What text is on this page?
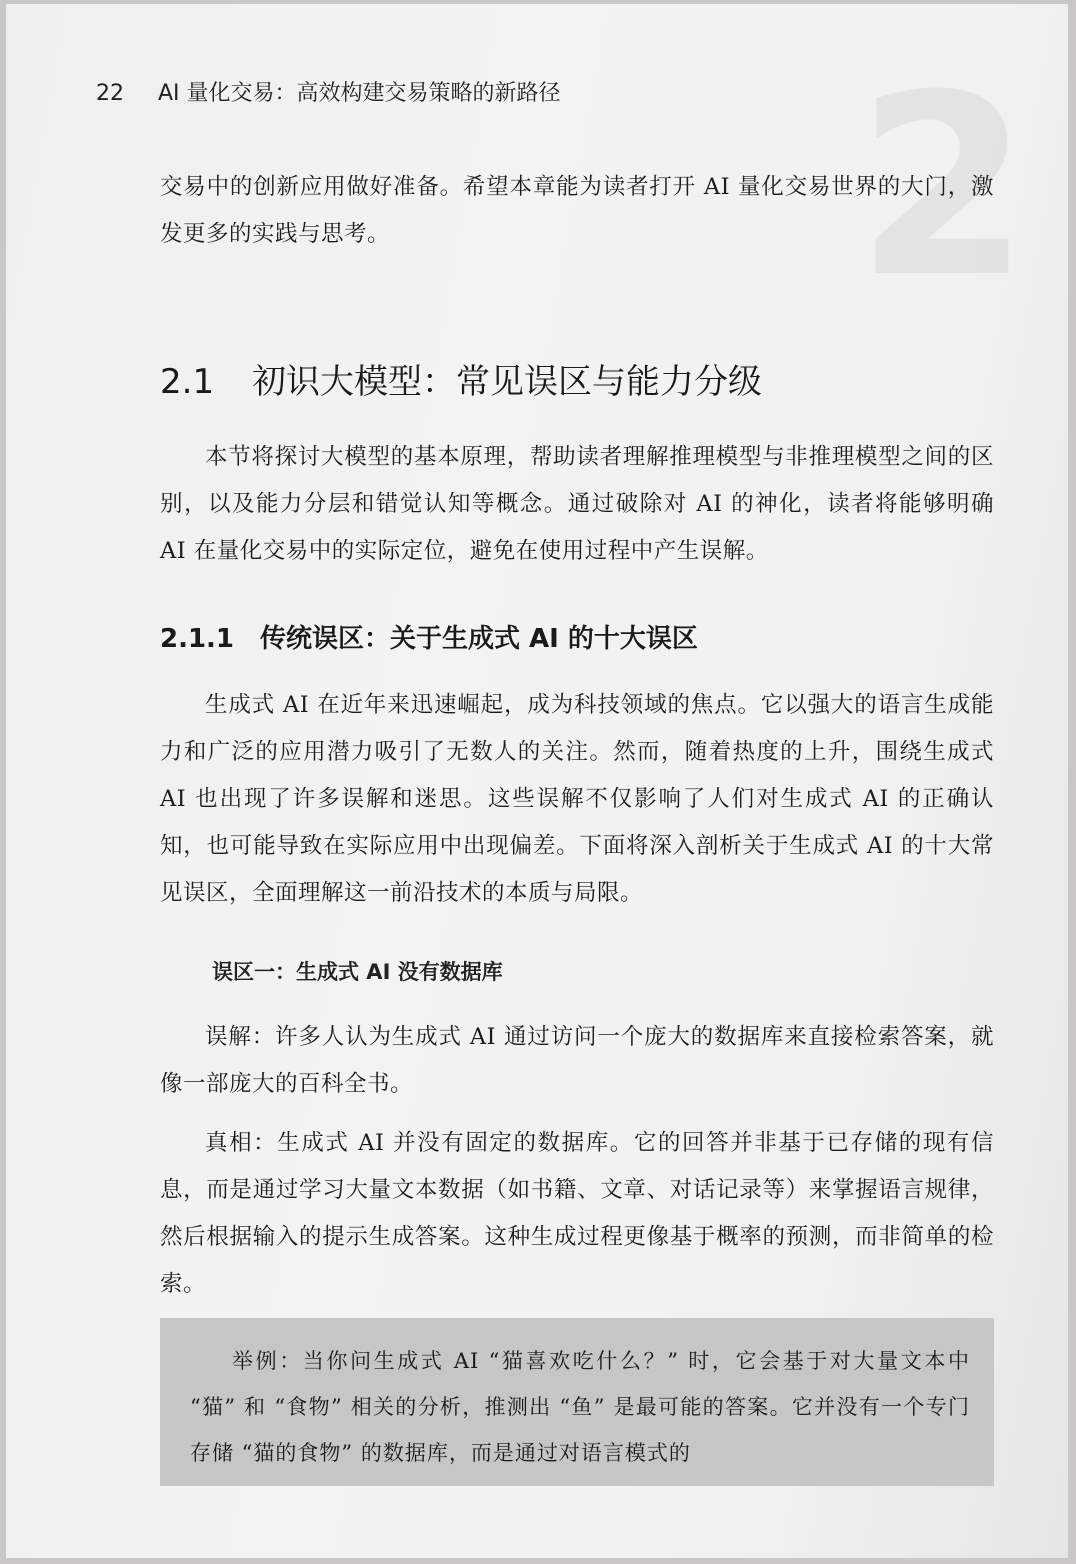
2
22 AI 量化交易：高效构建交易策略的新路径

交易中的创新应用做好准备。希望本章能为读者打开 AI 量化交易世界的大门，激发更多的实践与思考。

2.1 初识大模型：常见误区与能力分级

本节将探讨大模型的基本原理，帮助读者理解推理模型与非推理模型之间的区别，以及能力分层和错觉认知等概念。通过破除对 AI 的神化，读者将能够明确 AI 在量化交易中的实际定位，避免在使用过程中产生误解。

2.1.1 传统误区：关于生成式 AI 的十大误区

生成式 AI 在近年来迅速崛起，成为科技领域的焦点。它以强大的语言生成能力和广泛的应用潜力吸引了无数人的关注。然而，随着热度的上升，围绕生成式 AI 也出现了许多误解和迷思。这些误解不仅影响了人们对生成式 AI 的正确认知，也可能导致在实际应用中出现偏差。下面将深入剖析关于生成式 AI 的十大常见误区，全面理解这一前沿技术的本质与局限。

误区一：生成式 AI 没有数据库

误解：许多人认为生成式 AI 通过访问一个庞大的数据库来直接检索答案，就像一部庞大的百科全书。

真相：生成式 AI 并没有固定的数据库。它的回答并非基于已存储的现有信息，而是通过学习大量文本数据（如书籍、文章、对话记录等）来掌握语言规律，然后根据输入的提示生成答案。这种生成过程更像基于概率的预测，而非简单的检索。

举例：当你问生成式 AI “猫喜欢吃什么？” 时，它会基于对大量文本中 “猫” 和 “食物” 相关的分析，推测出 “鱼” 是最可能的答案。它并没有一个专门存储 “猫的食物” 的数据库，而是通过对语言模式的
